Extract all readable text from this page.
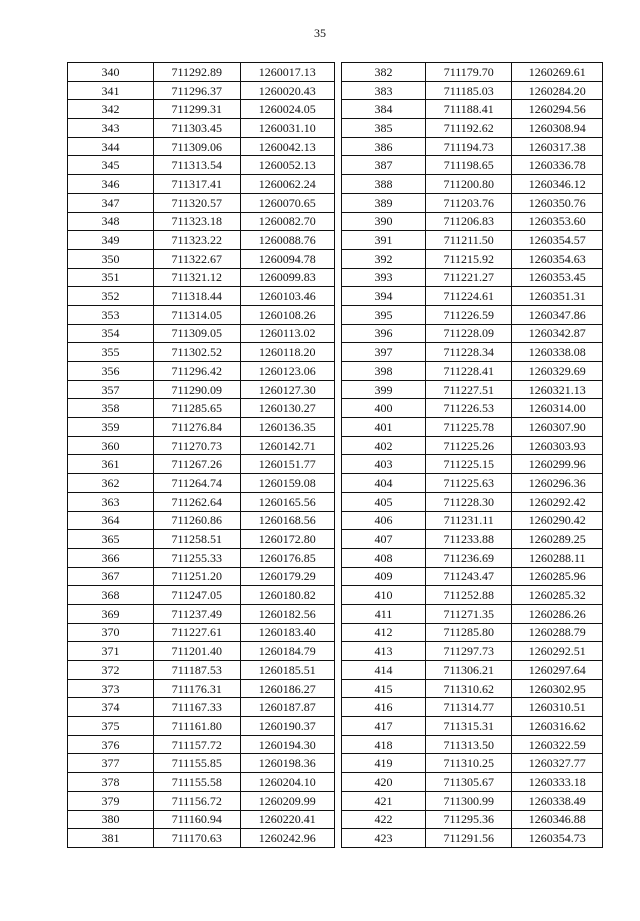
35
340	711292.89	1260017.13
341	711296.37	1260020.43
342	711299.31	1260024.05
343	711303.45	1260031.10
344	711309.06	1260042.13
345	711313.54	1260052.13
346	711317.41	1260062.24
347	711320.57	1260070.65
348	711323.18	1260082.70
349	711323.22	1260088.76
350	711322.67	1260094.78
351	711321.12	1260099.83
352	711318.44	1260103.46
353	711314.05	1260108.26
354	711309.05	1260113.02
355	711302.52	1260118.20
356	711296.42	1260123.06
357	711290.09	1260127.30
358	711285.65	1260130.27
359	711276.84	1260136.35
360	711270.73	1260142.71
361	711267.26	1260151.77
362	711264.74	1260159.08
363	711262.64	1260165.56
364	711260.86	1260168.56
365	711258.51	1260172.80
366	711255.33	1260176.85
367	711251.20	1260179.29
368	711247.05	1260180.82
369	711237.49	1260182.56
370	711227.61	1260183.40
371	711201.40	1260184.79
372	711187.53	1260185.51
373	711176.31	1260186.27
374	711167.33	1260187.87
375	711161.80	1260190.37
376	711157.72	1260194.30
377	711155.85	1260198.36
378	711155.58	1260204.10
379	711156.72	1260209.99
380	711160.94	1260220.41
381	711170.63	1260242.96
382	711179.70	1260269.61
383	711185.03	1260284.20
384	711188.41	1260294.56
385	711192.62	1260308.94
386	711194.73	1260317.38
387	711198.65	1260336.78
388	711200.80	1260346.12
389	711203.76	1260350.76
390	711206.83	1260353.60
391	711211.50	1260354.57
392	711215.92	1260354.63
393	711221.27	1260353.45
394	711224.61	1260351.31
395	711226.59	1260347.86
396	711228.09	1260342.87
397	711228.34	1260338.08
398	711228.41	1260329.69
399	711227.51	1260321.13
400	711226.53	1260314.00
401	711225.78	1260307.90
402	711225.26	1260303.93
403	711225.15	1260299.96
404	711225.63	1260296.36
405	711228.30	1260292.42
406	711231.11	1260290.42
407	711233.88	1260289.25
408	711236.69	1260288.11
409	711243.47	1260285.96
410	711252.88	1260285.32
411	711271.35	1260286.26
412	711285.80	1260288.79
413	711297.73	1260292.51
414	711306.21	1260297.64
415	711310.62	1260302.95
416	711314.77	1260310.51
417	711315.31	1260316.62
418	711313.50	1260322.59
419	711310.25	1260327.77
420	711305.67	1260333.18
421	711300.99	1260338.49
422	711295.36	1260346.88
423	711291.56	1260354.73
